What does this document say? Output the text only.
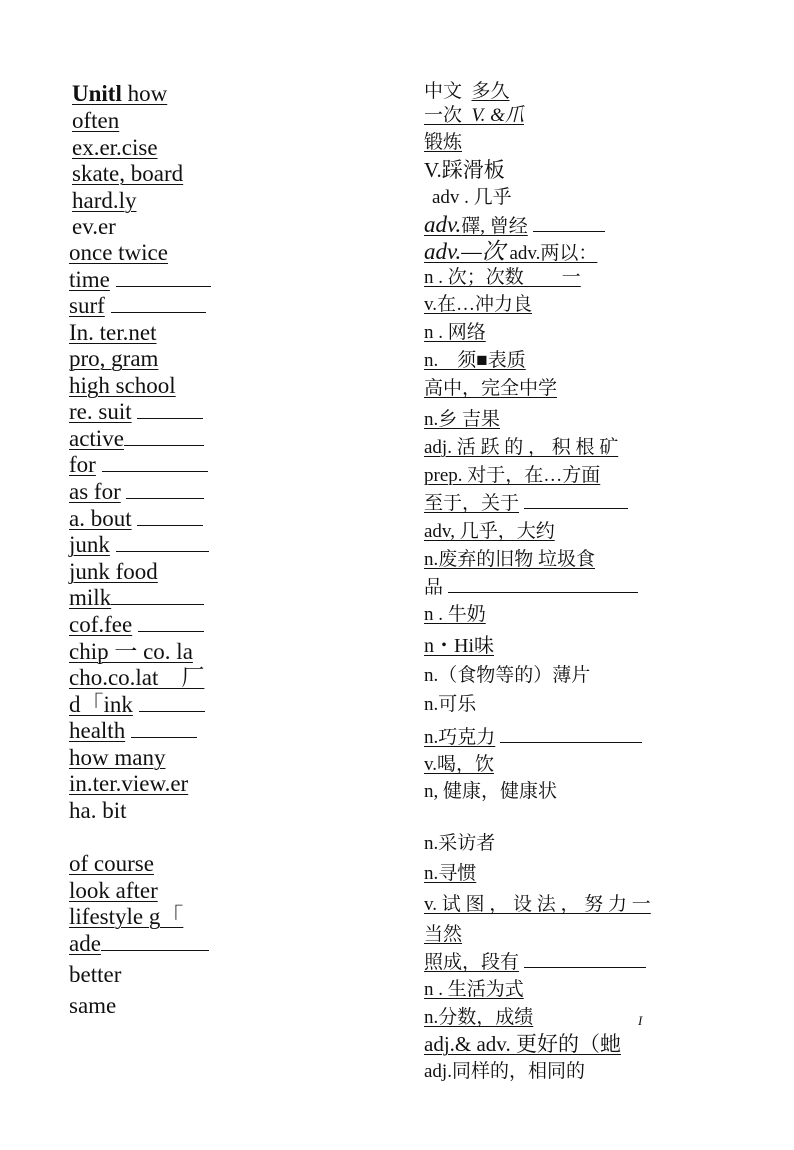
Unitl how
often
ex.er.cise
skate, board
hard.ly
ev.er
once twice
time
surf
In. ter.net
pro, gram
high school
re. suit
active
for
as for
a. bout
junk
junk food
milk
cof.fee
chip 一 co. la
cho.co.lat　厂
d「ink
health
how many
in.ter.view.er
ha. bit
of course
look after
lifestyle g「
ade
better
same
中文 多久
一次 V. &爪
锻炼
V.踩滑板
adv . 几乎
adv.礋, 曾经
adv.—次 adv.两以：
n . 次；次数　　一
v.在…冲力良
n . 网络
n.　须■表质
高中，完全中学
n.乡 吉果
adj. 活 跃 的 ， 积 根 矿
prep. 对于，在…方面
至于，关于
adv, 几乎，大约
n.废弃的旧物 垃圾食
品
n . 牛奶
n・Hi味
n.（食物等的）薄片
n.可乐
n.巧克力
v.喝，饮
n, 健康，健康状
n.采访者
n.寻惯
v. 试 图 ， 设 法 ， 努 力 一
当然
照成，段有
n . 生活为式
n.分数，成绩	I
adj.& adv. 更好的（虵
adj.同样的，相同的
